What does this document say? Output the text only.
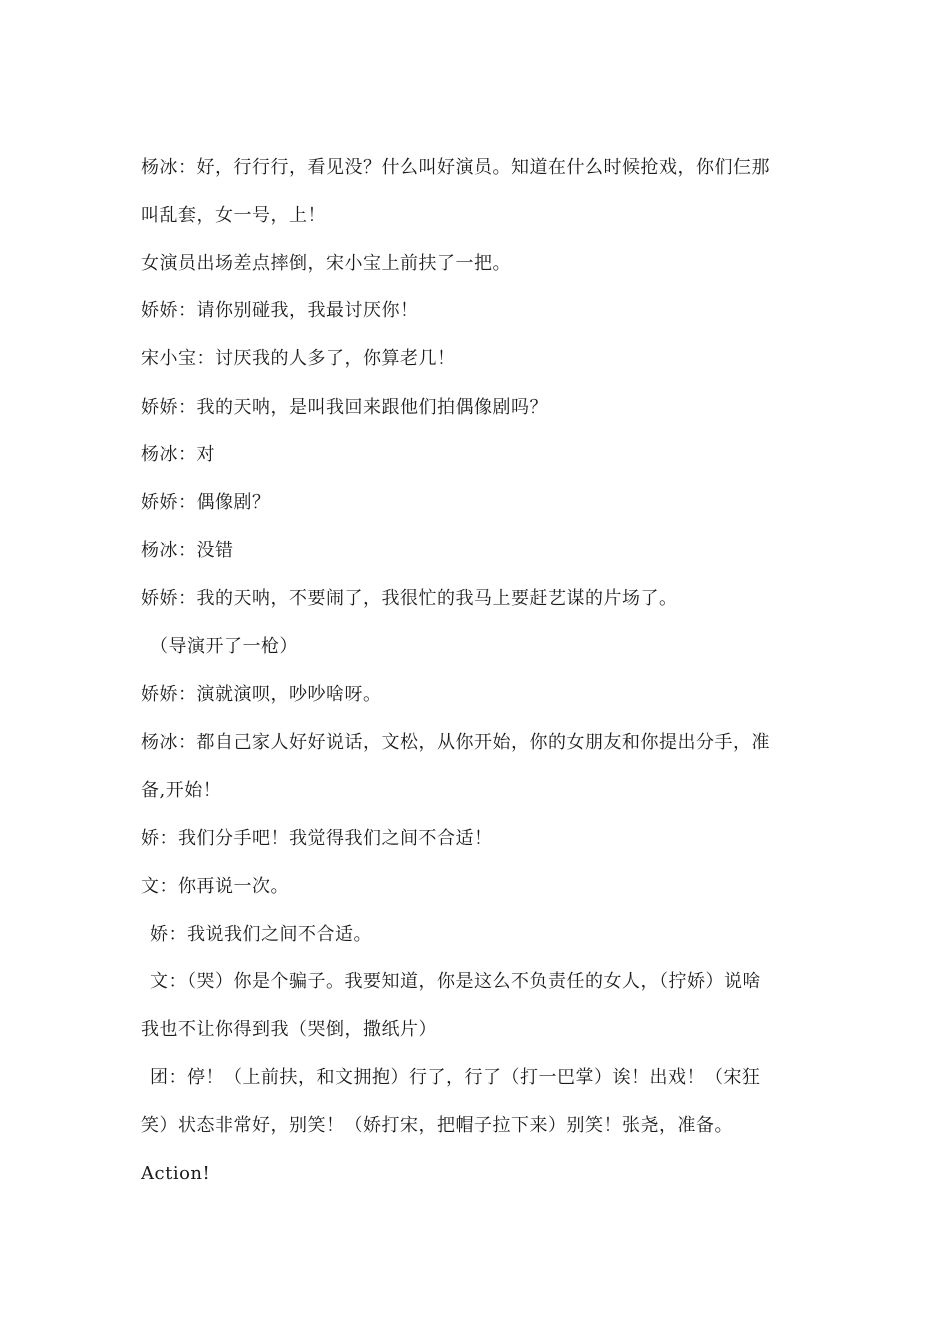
杨冰：好，行行行，看见没？什么叫好演员。知道在什么时候抢戏，你们仨那
叫乱套，女一号，上！
女演员出场差点摔倒，宋小宝上前扶了一把。
娇娇：请你别碰我，我最讨厌你！
宋小宝：讨厌我的人多了，你算老几！
娇娇：我的天呐，是叫我回来跟他们拍偶像剧吗？
杨冰：对
娇娇：偶像剧？
杨冰：没错
娇娇：我的天呐，不要闹了，我很忙的我马上要赶艺谋的片场了。
（导演开了一枪）
娇娇：演就演呗，吵吵啥呀。
杨冰：都自己家人好好说话，文松，从你开始，你的女朋友和你提出分手，准
备,开始！
娇：我们分手吧！我觉得我们之间不合适！
文：你再说一次。
娇：我说我们之间不合适。
文：（哭）你是个骗子。我要知道，你是这么不负责任的女人，（拧娇）说啥
我也不让你得到我（哭倒，撒纸片）
团：停！（上前扶，和文拥抱）行了，行了（打一巴掌）诶！出戏！（宋狂
笑）状态非常好，别笑！（娇打宋，把帽子拉下来）别笑！张尧，准备。
Action!
